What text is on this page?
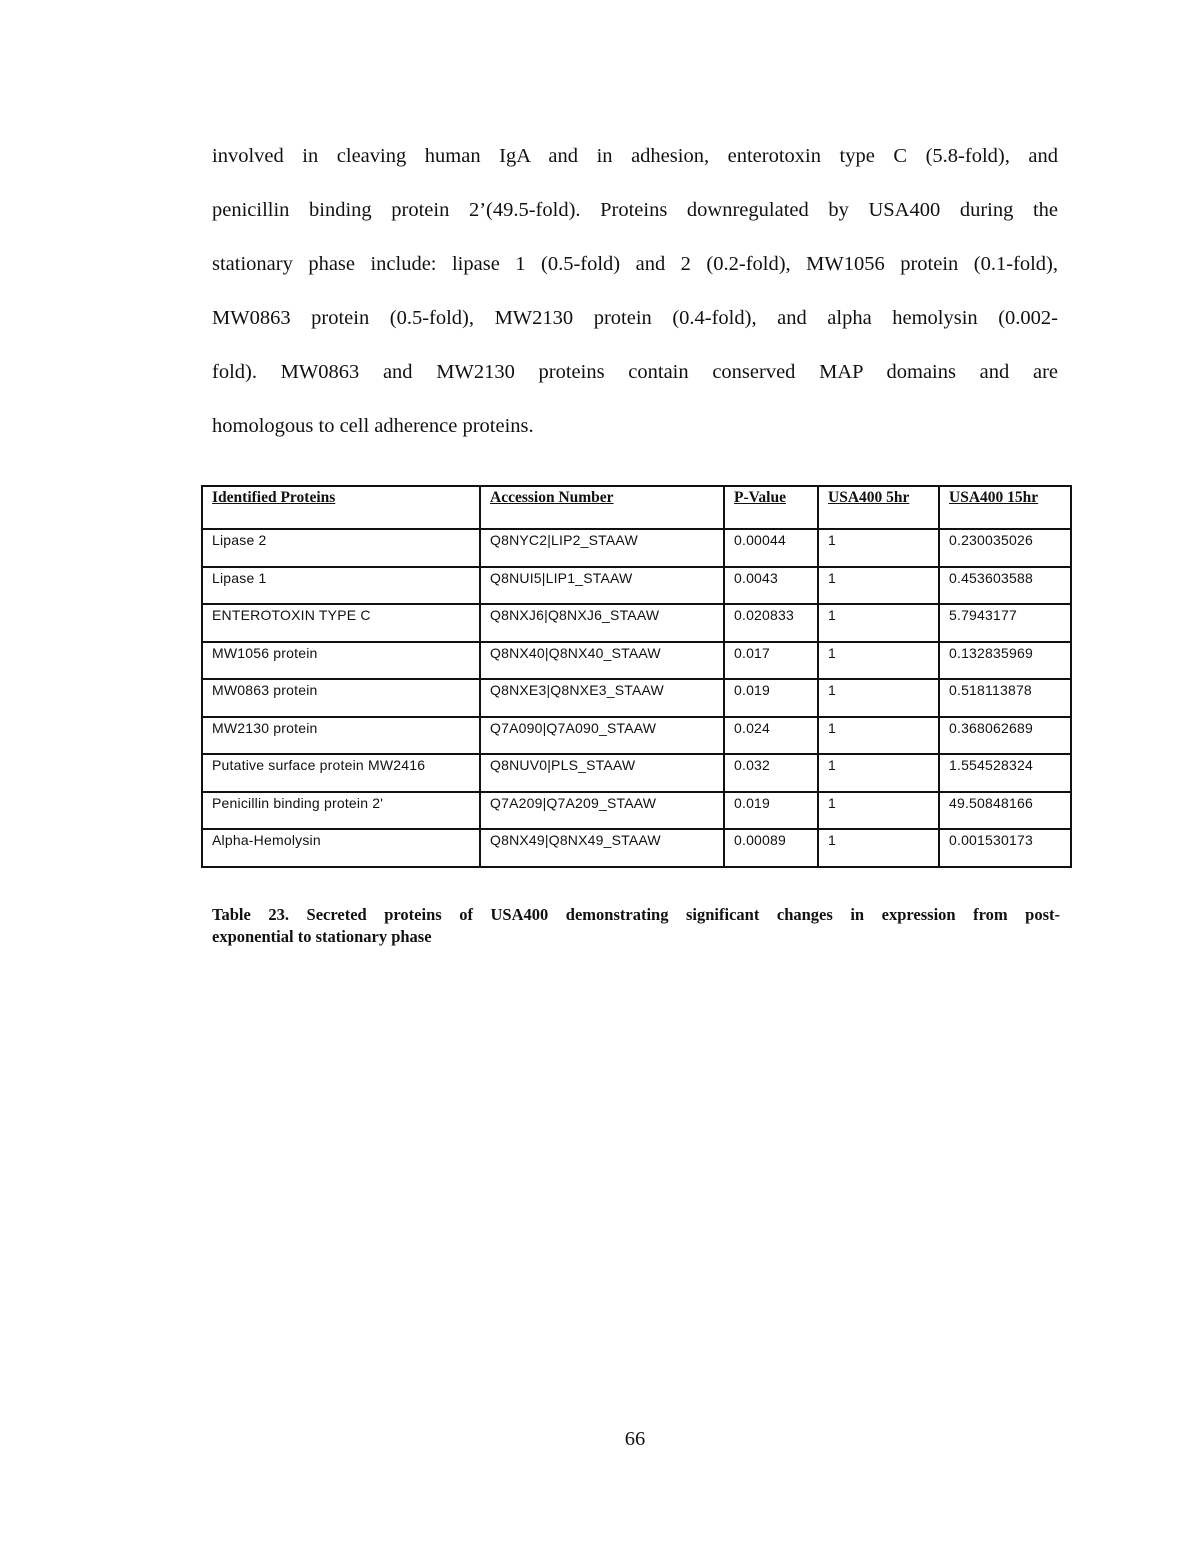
involved in cleaving human IgA and in adhesion, enterotoxin type C (5.8-fold), and
penicillin binding protein 2’(49.5-fold). Proteins downregulated by USA400 during the
stationary phase include: lipase 1 (0.5-fold) and 2 (0.2-fold), MW1056 protein (0.1-fold),
MW0863 protein (0.5-fold), MW2130 protein (0.4-fold), and alpha hemolysin (0.002-
fold). MW0863 and MW2130 proteins contain conserved MAP domains and are
homologous to cell adherence proteins.
Identified Proteins	Accession Number	P-Value	USA400 5hr	USA400 15hr
Lipase 2	Q8NYC2|LIP2_STAAW	0.00044	1	0.230035026
Lipase 1	Q8NUI5|LIP1_STAAW	0.0043	1	0.453603588
ENTEROTOXIN TYPE C	Q8NXJ6|Q8NXJ6_STAAW	0.020833	1	5.7943177
MW1056 protein	Q8NX40|Q8NX40_STAAW	0.017	1	0.132835969
MW0863 protein	Q8NXE3|Q8NXE3_STAAW	0.019	1	0.518113878
MW2130 protein	Q7A090|Q7A090_STAAW	0.024	1	0.368062689
Putative surface protein MW2416	Q8NUV0|PLS_STAAW	0.032	1	1.554528324
Penicillin binding protein 2'	Q7A209|Q7A209_STAAW	0.019	1	49.50848166
Alpha-Hemolysin	Q8NX49|Q8NX49_STAAW	0.00089	1	0.001530173
Table 23. Secreted proteins of USA400 demonstrating significant changes in expression from post-
exponential to stationary phase
66
